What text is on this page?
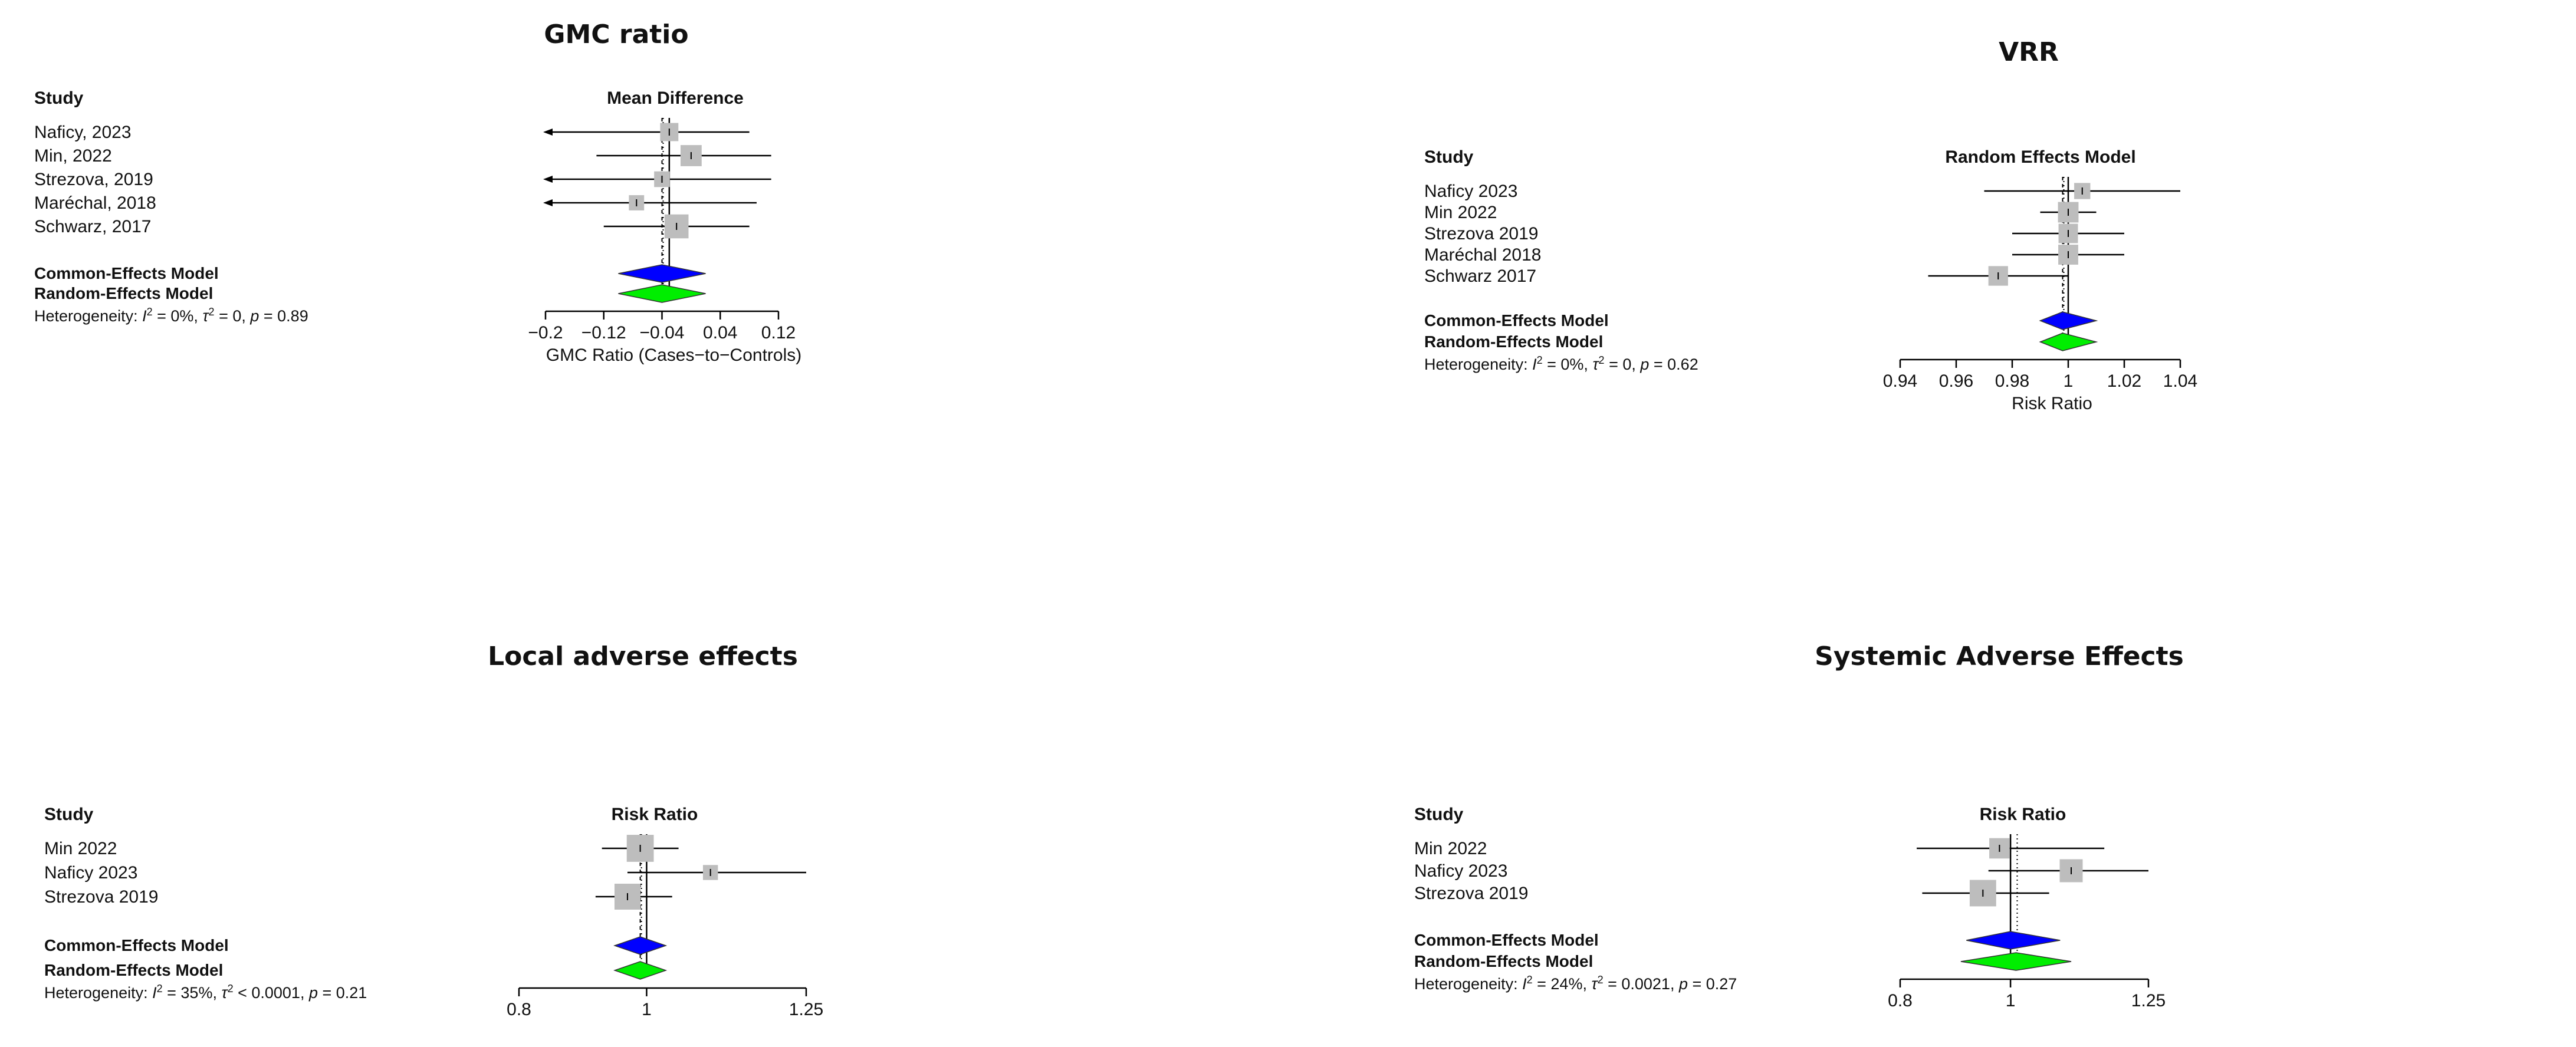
GMC ratio
Study	Mean Difference
Naficy, 2023
Min, 2022
Strezova, 2019
Maréchal, 2018
Schwarz, 2017
Common-Effects Model
Random-Effects Model
Heterogeneity: $I^2 = 0\%$, $\tau^2 = 0$, p = 0.89
−0.2 −0.12 −0.04 0.04 0.12
GMC Ratio (Cases−to−Controls)
VRR
Study	Random Effects Model
Naficy 2023
Min 2022
Strezova 2019
Maréchal 2018
Schwarz 2017
Common-Effects Model
Random-Effects Model
Heterogeneity: $I^2 = 0\%$, $\tau^2 = 0$, p = 0.62
0.94 0.96 0.98 1 1.02 1.04
Risk Ratio
Local adverse effects
Study	Risk Ratio
Min 2022
Naficy 2023
Strezova 2019
Common-Effects Model
Random-Effects Model
Heterogeneity: $I^2 = 35\%$, $\tau^2 < 0.0001$, p = 0.21
0.8	1	1.25
Systemic Adverse Effects
Study	Risk Ratio
Min 2022
Naficy 2023
Strezova 2019
Common-Effects Model
Random-Effects Model
Heterogeneity: $I^2 = 24\%$, $\tau^2 = 0.0021$, p = 0.27
0.8	1	1.25
